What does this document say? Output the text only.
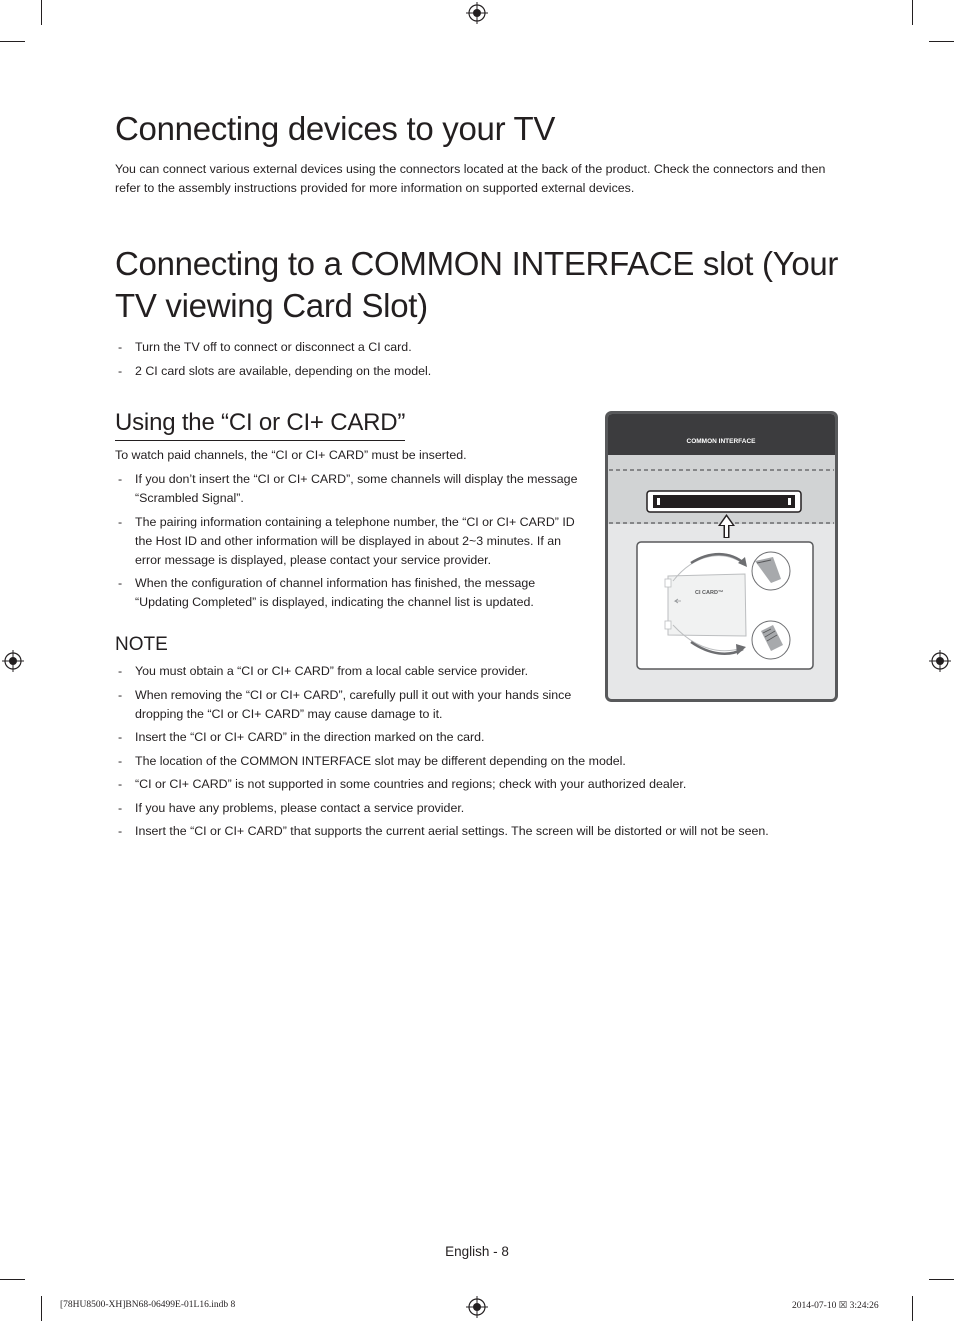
Connecting devices to your TV

You can connect various external devices using the connectors located at the back of the product. Check the connectors and then refer to the assembly instructions provided for more information on supported external devices.

Connecting to a COMMON INTERFACE slot (Your TV viewing Card Slot)
- Turn the TV off to connect or disconnect a CI card.
- 2 CI card slots are available, depending on the model.
Using the “CI or CI+ CARD”

To watch paid channels, the “CI or CI+ CARD” must be inserted.

- If you don’t insert the “CI or CI+ CARD”, some channels will display the message “Scrambled Signal”.
- The pairing information containing a telephone number, the “CI or CI+ CARD” ID the Host ID and other information will be displayed in about 2~3 minutes. If an error message is displayed, please contact your service provider.
- When the configuration of channel information has finished, the message “Updating Completed” is displayed, indicating the channel list is updated.
NOTE
- You must obtain a “CI or CI+ CARD” from a local cable service provider.
- When removing the “CI or CI+ CARD”, carefully pull it out with your hands since dropping the “CI or CI+ CARD” may cause damage to it.
- Insert the “CI or CI+ CARD” in the direction marked on the card.
- The location of the COMMON INTERFACE slot may be different depending on the model.
- “CI or CI+ CARD” is not supported in some countries and regions; check with your authorized dealer.
- If you have any problems, please contact a service provider.
- Insert the “CI or CI+ CARD” that supports the current aerial settings. The screen will be distorted or will not be seen.
COMMON INTERFACE
CI CARD™
English - 8
[78HU8500-XH]BN68-06499E-01L16.indb 8	2014-07-10 ☒ 3:24:26
